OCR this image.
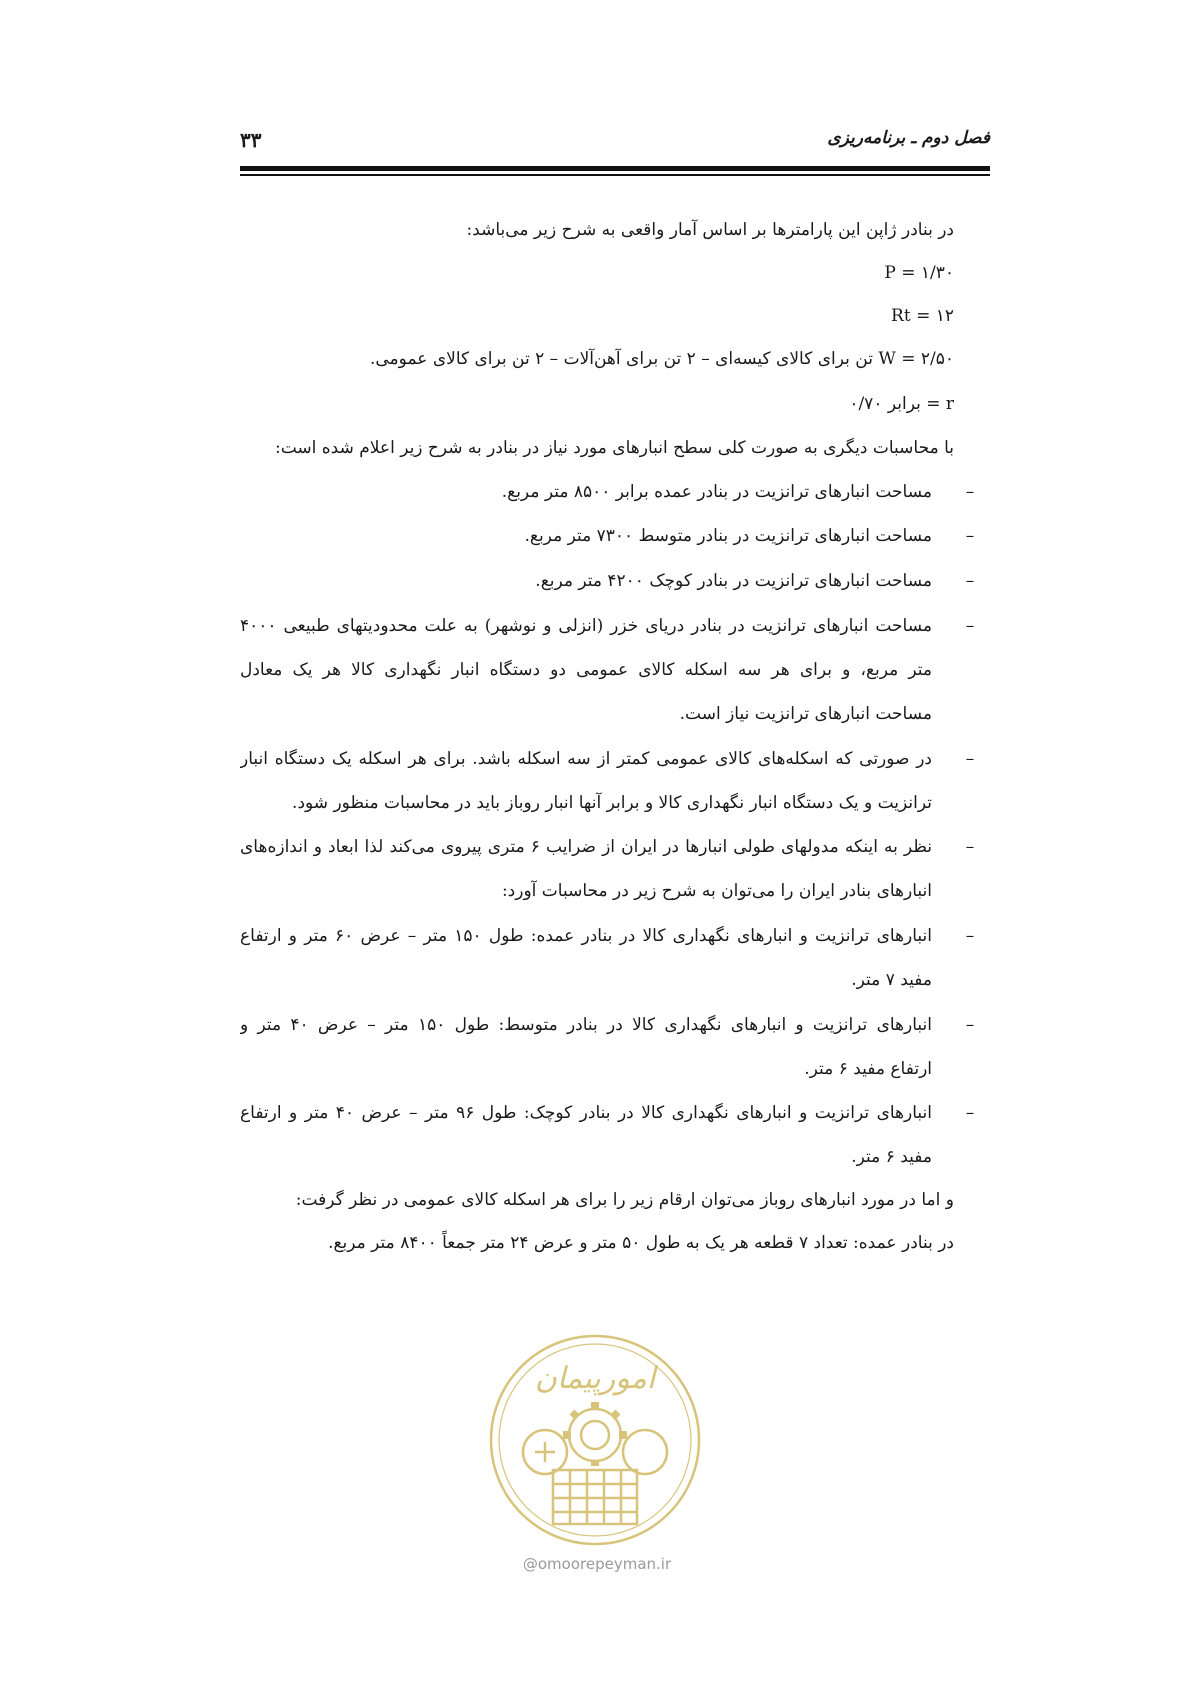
فصل دوم ـ برنامه‌ریزی
۳۳
در بنادر ژاپن این پارامترها بر اساس آمار واقعی به شرح زیر می‌باشد:
۱/۳۰ = P
۱۲ = Rt
W = ۲/۵۰ تن برای کالای کیسه‌ای – ۲ تن برای آهن‌آلات – ۲ تن برای کالای عمومی.
r = برابر ۰/۷۰
با محاسبات دیگری به صورت کلی سطح انبارهای مورد نیاز در بنادر به شرح زیر اعلام شده است:
–
مساحت انبارهای ترانزیت در بنادر عمده برابر ۸۵۰۰ متر مربع.
–
مساحت انبارهای ترانزیت در بنادر متوسط ۷۳۰۰ متر مربع.
–
مساحت انبارهای ترانزیت در بنادر کوچک ۴۲۰۰ متر مربع.
–
مساحت انبارهای ترانزیت در بنادر دریای خزر (انزلی و نوشهر) به علت محدودیتهای طبیعی ۴۰۰۰
متر مربع، و برای هر سه اسکله کالای عمومی دو دستگاه انبار نگهداری کالا هر یک معادل
مساحت انبارهای ترانزیت نیاز است.
–
در صورتی که اسکله‌های کالای عمومی کمتر از سه اسکله باشد. برای هر اسکله یک دستگاه انبار
ترانزیت و یک دستگاه انبار نگهداری کالا و برابر آنها انبار روباز باید در محاسبات منظور شود.
–
نظر به اینکه مدولهای طولی انبارها در ایران از ضرایب ۶ متری پیروی می‌کند لذا ابعاد و اندازه‌های
انبارهای بنادر ایران را می‌توان به شرح زیر در محاسبات آورد:
–
انبارهای ترانزیت و انبارهای نگهداری کالا در بنادر عمده: طول ۱۵۰ متر – عرض ۶۰ متر و ارتفاع
مفید ۷ متر.
–
انبارهای ترانزیت و انبارهای نگهداری کالا در بنادر متوسط: طول ۱۵۰ متر – عرض ۴۰ متر و
ارتفاع مفید ۶ متر.
–
انبارهای ترانزیت و انبارهای نگهداری کالا در بنادر کوچک: طول ۹۶ متر – عرض ۴۰ متر و ارتفاع
مفید ۶ متر.
و اما در مورد انبارهای روباز می‌توان ارقام زیر را برای هر اسکله کالای عمومی در نظر گرفت:
در بنادر عمده: تعداد ۷ قطعه هر یک به طول ۵۰ متر و عرض ۲۴ متر جمعاً ۸۴۰۰ متر مربع.
امورپیمان
@omoorepeyman.ir
